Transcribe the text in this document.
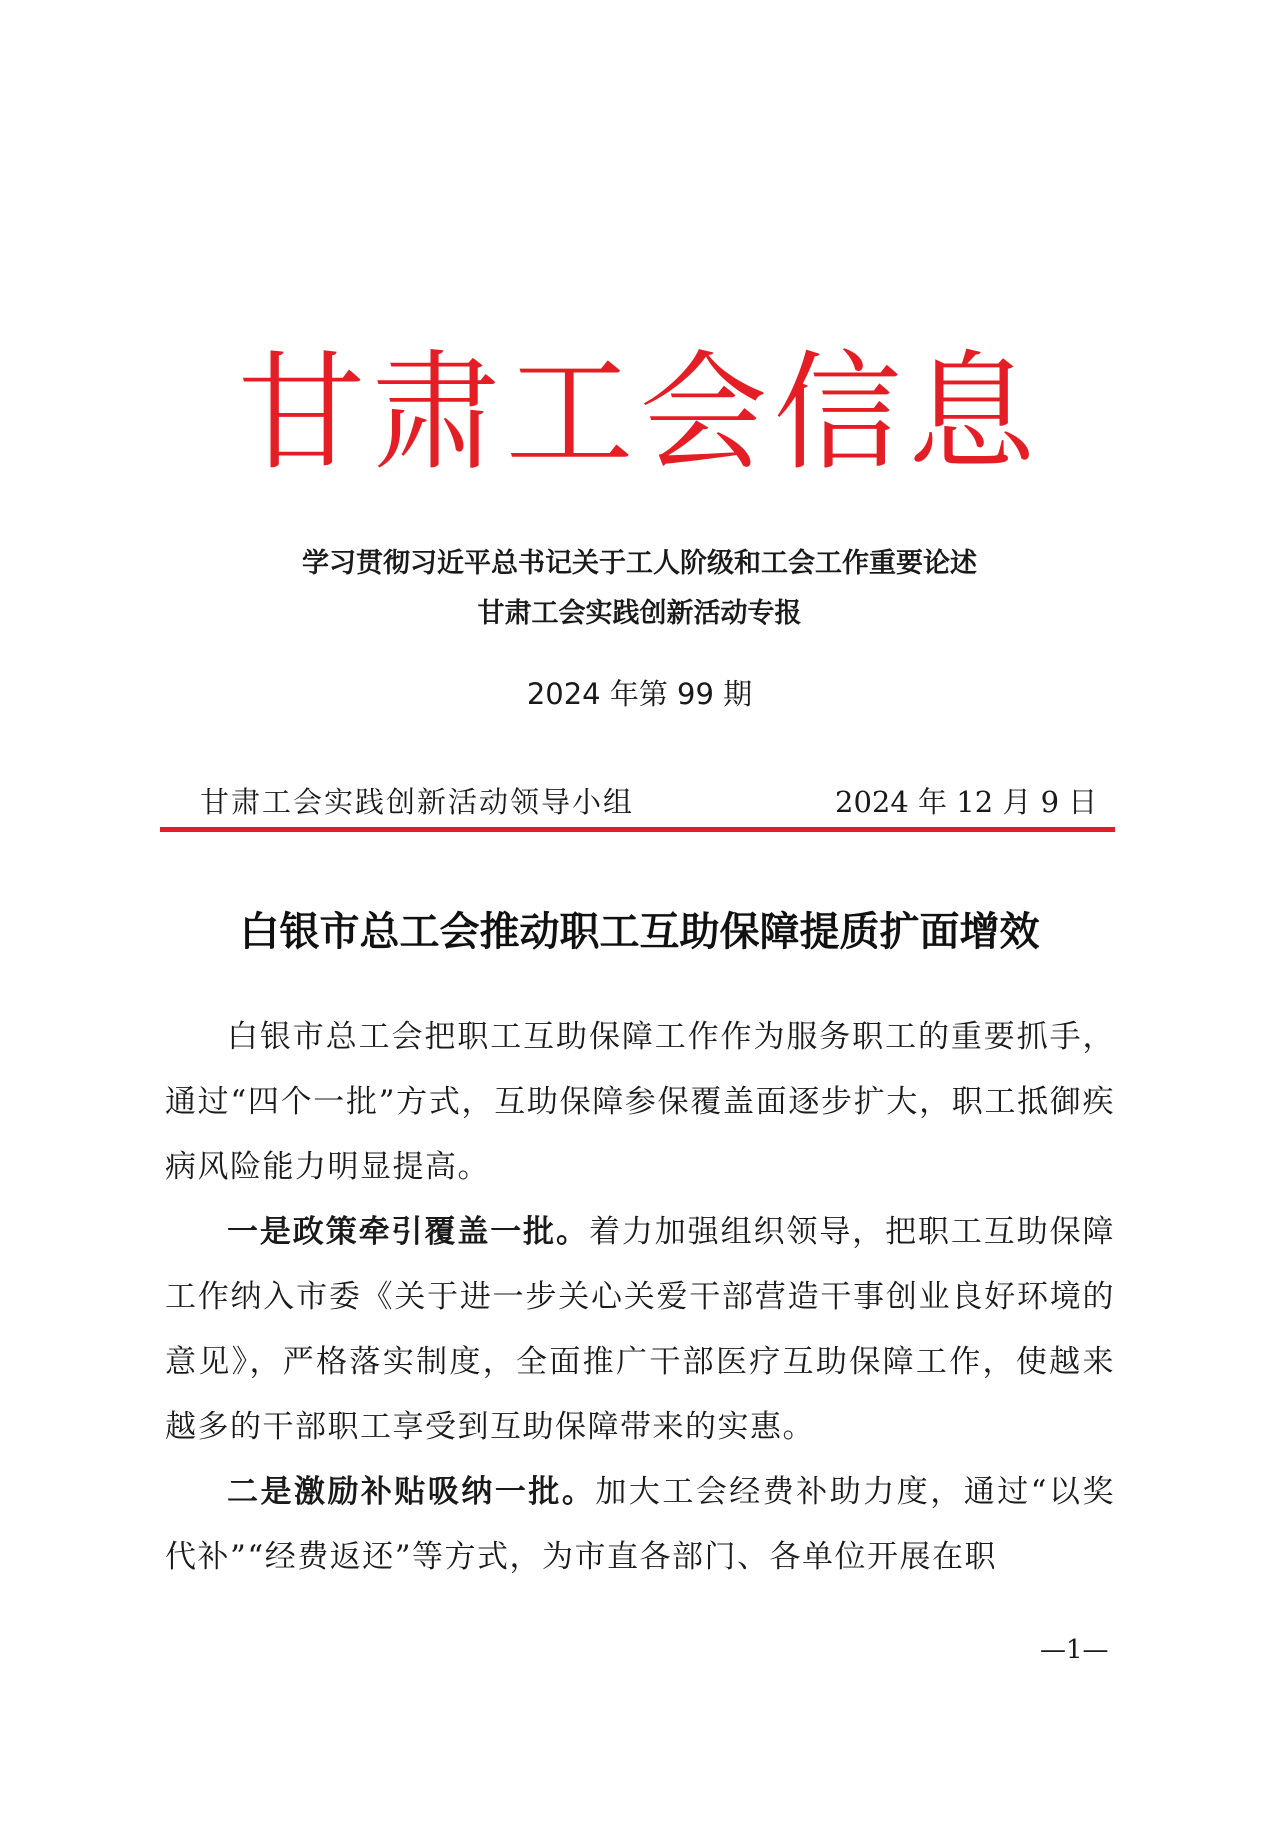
甘肃工会信息
学习贯彻习近平总书记关于工人阶级和工会工作重要论述
甘肃工会实践创新活动专报
2024 年第 99 期
甘肃工会实践创新活动领导小组	2024 年 12 月 9 日
白银市总工会推动职工互助保障提质扩面增效

白银市总工会把职工互助保障工作作为服务职工的重要抓手，通过“四个一批”方式，互助保障参保覆盖面逐步扩大，职工抵御疾病风险能力明显提高。

一是政策牵引覆盖一批。着力加强组织领导，把职工互助保障工作纳入市委《关于进一步关心关爱干部营造干事创业良好环境的意见》，严格落实制度，全面推广干部医疗互助保障工作，使越来越多的干部职工享受到互助保障带来的实惠。

二是激励补贴吸纳一批。加大工会经费补助力度，通过“以奖代补”“经费返还”等方式，为市直各部门、各单位开展在职

—1—
